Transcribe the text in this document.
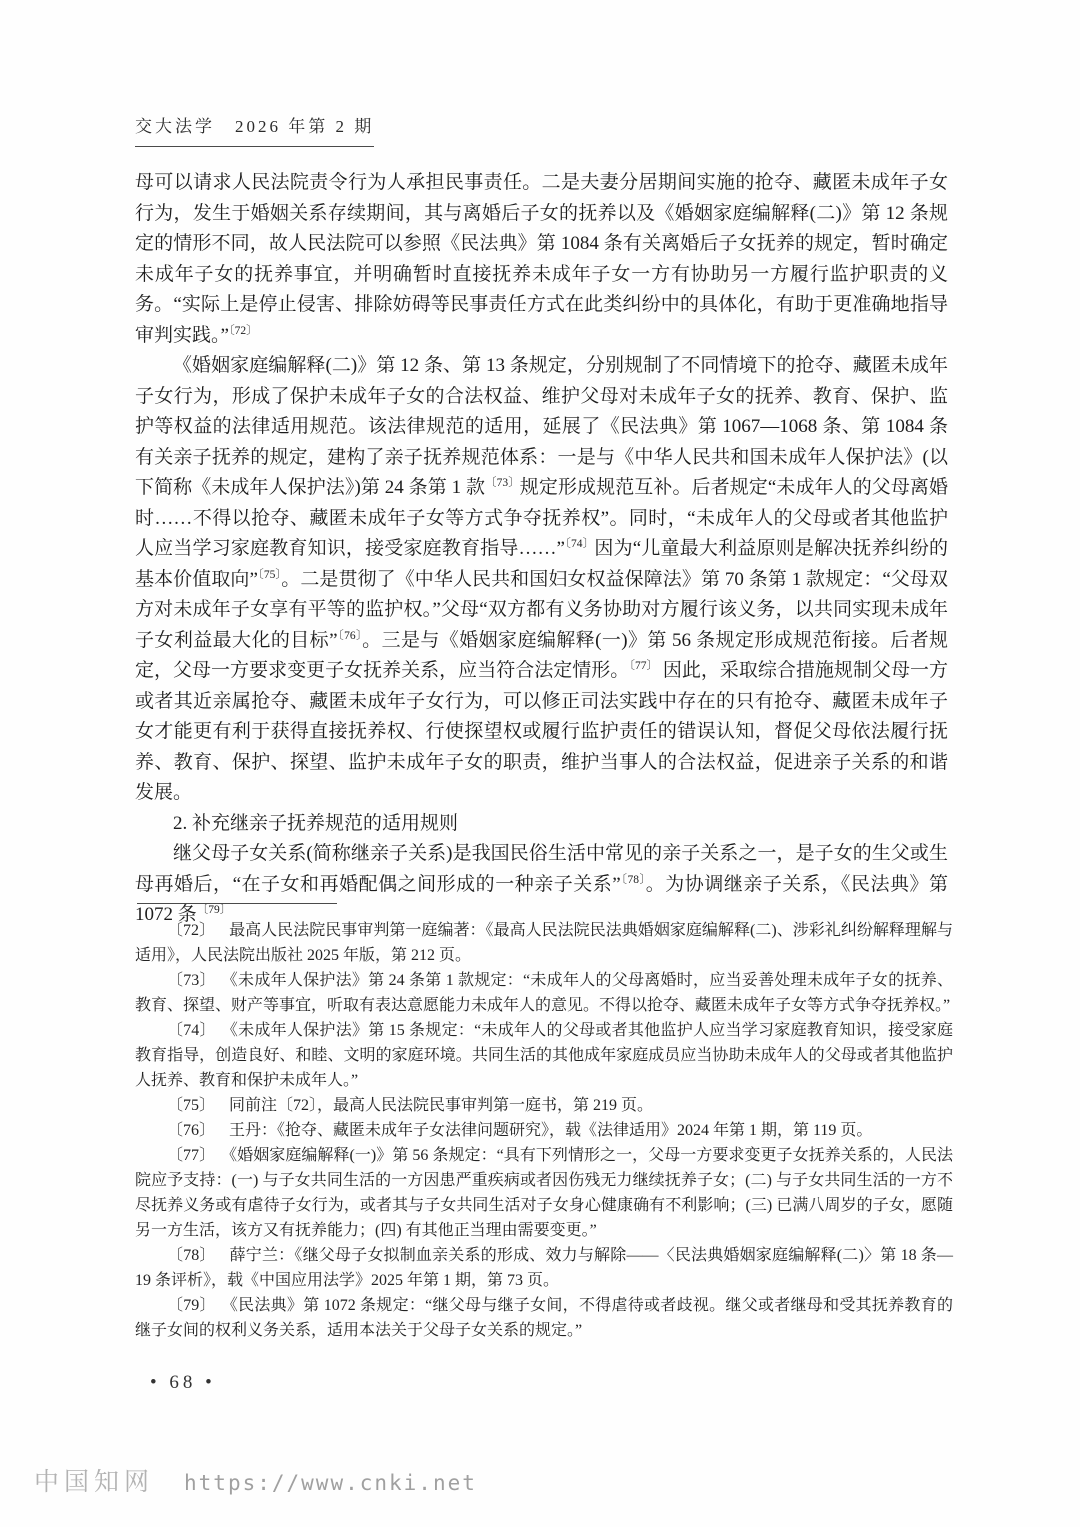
交大法学　2026 年第 2 期

母可以请求人民法院责令行为人承担民事责任。二是夫妻分居期间实施的抢夺、藏匿未成年子女行为，发生于婚姻关系存续期间，其与离婚后子女的抚养以及《婚姻家庭编解释(二)》第 12 条规定的情形不同，故人民法院可以参照《民法典》第 1084 条有关离婚后子女抚养的规定，暂时确定未成年子女的抚养事宜，并明确暂时直接抚养未成年子女一方有协助另一方履行监护职责的义务。“实际上是停止侵害、排除妨碍等民事责任方式在此类纠纷中的具体化，有助于更准确地指导审判实践。”$^{〔72〕}$

《婚姻家庭编解释(二)》第 12 条、第 13 条规定，分别规制了不同情境下的抢夺、藏匿未成年子女行为，形成了保护未成年子女的合法权益、维护父母对未成年子女的抚养、教育、保护、监护等权益的法律适用规范。该法律规范的适用，延展了《民法典》第 1067—1068 条、第 1084 条有关亲子抚养的规定，建构了亲子抚养规范体系：一是与《中华人民共和国未成年人保护法》(以下简称《未成年人保护法》)第 24 条第 1 款$^{〔73〕}$规定形成规范互补。后者规定“未成年人的父母离婚时……不得以抢夺、藏匿未成年子女等方式争夺抚养权”。同时，“未成年人的父母或者其他监护人应当学习家庭教育知识，接受家庭教育指导……”$^{〔74〕}$因为“儿童最大利益原则是解决抚养纠纷的基本价值取向”$^{〔75〕}$。二是贯彻了《中华人民共和国妇女权益保障法》第 70 条第 1 款规定：“父母双方对未成年子女享有平等的监护权。”父母“双方都有义务协助对方履行该义务，以共同实现未成年子女利益最大化的目标”$^{〔76〕}$。三是与《婚姻家庭编解释(一)》第 56 条规定形成规范衔接。后者规定，父母一方要求变更子女抚养关系，应当符合法定情形。$^{〔77〕}$ 因此，采取综合措施规制父母一方或者其近亲属抢夺、藏匿未成年子女行为，可以修正司法实践中存在的只有抢夺、藏匿未成年子女才能更有利于获得直接抚养权、行使探望权或履行监护责任的错误认知，督促父母依法履行抚养、教育、保护、探望、监护未成年子女的职责，维护当事人的合法权益，促进亲子关系的和谐发展。

2. 补充继亲子抚养规范的适用规则

继父母子女关系(简称继亲子关系)是我国民俗生活中常见的亲子关系之一，是子女的生父或生母再婚后，“在子女和再婚配偶之间形成的一种亲子关系”$^{〔78〕}$。为协调继亲子关系，《民法典》第 1072 条$^{〔79〕}$

〔72〕 最高人民法院民事审判第一庭编著：《最高人民法院民法典婚姻家庭编解释(二)、涉彩礼纠纷解释理解与适用》，人民法院出版社 2025 年版，第 212 页。

〔73〕 《未成年人保护法》第 24 条第 1 款规定：“未成年人的父母离婚时，应当妥善处理未成年子女的抚养、教育、探望、财产等事宜，听取有表达意愿能力未成年人的意见。不得以抢夺、藏匿未成年子女等方式争夺抚养权。”

〔74〕 《未成年人保护法》第 15 条规定：“未成年人的父母或者其他监护人应当学习家庭教育知识，接受家庭教育指导，创造良好、和睦、文明的家庭环境。共同生活的其他成年家庭成员应当协助未成年人的父母或者其他监护人抚养、教育和保护未成年人。”

〔75〕 同前注〔72〕，最高人民法院民事审判第一庭书，第 219 页。

〔76〕 王丹：《抢夺、藏匿未成年子女法律问题研究》，载《法律适用》2024 年第 1 期，第 119 页。

〔77〕 《婚姻家庭编解释(一)》第 56 条规定：“具有下列情形之一，父母一方要求变更子女抚养关系的，人民法院应予支持：(一) 与子女共同生活的一方因患严重疾病或者因伤残无力继续抚养子女；(二) 与子女共同生活的一方不尽抚养义务或有虐待子女行为，或者其与子女共同生活对子女身心健康确有不利影响；(三) 已满八周岁的子女，愿随另一方生活，该方又有抚养能力；(四) 有其他正当理由需要变更。”

〔78〕 薛宁兰：《继父母子女拟制血亲关系的形成、效力与解除——〈民法典婚姻家庭编解释(二)〉第 18 条—19 条评析》，载《中国应用法学》2025 年第 1 期，第 73 页。

〔79〕 《民法典》第 1072 条规定：“继父母与继子女间，不得虐待或者歧视。继父或者继母和受其抚养教育的继子女间的权利义务关系，适用本法关于父母子女关系的规定。”

• 68 •
中国知网 https://www.cnki.net
